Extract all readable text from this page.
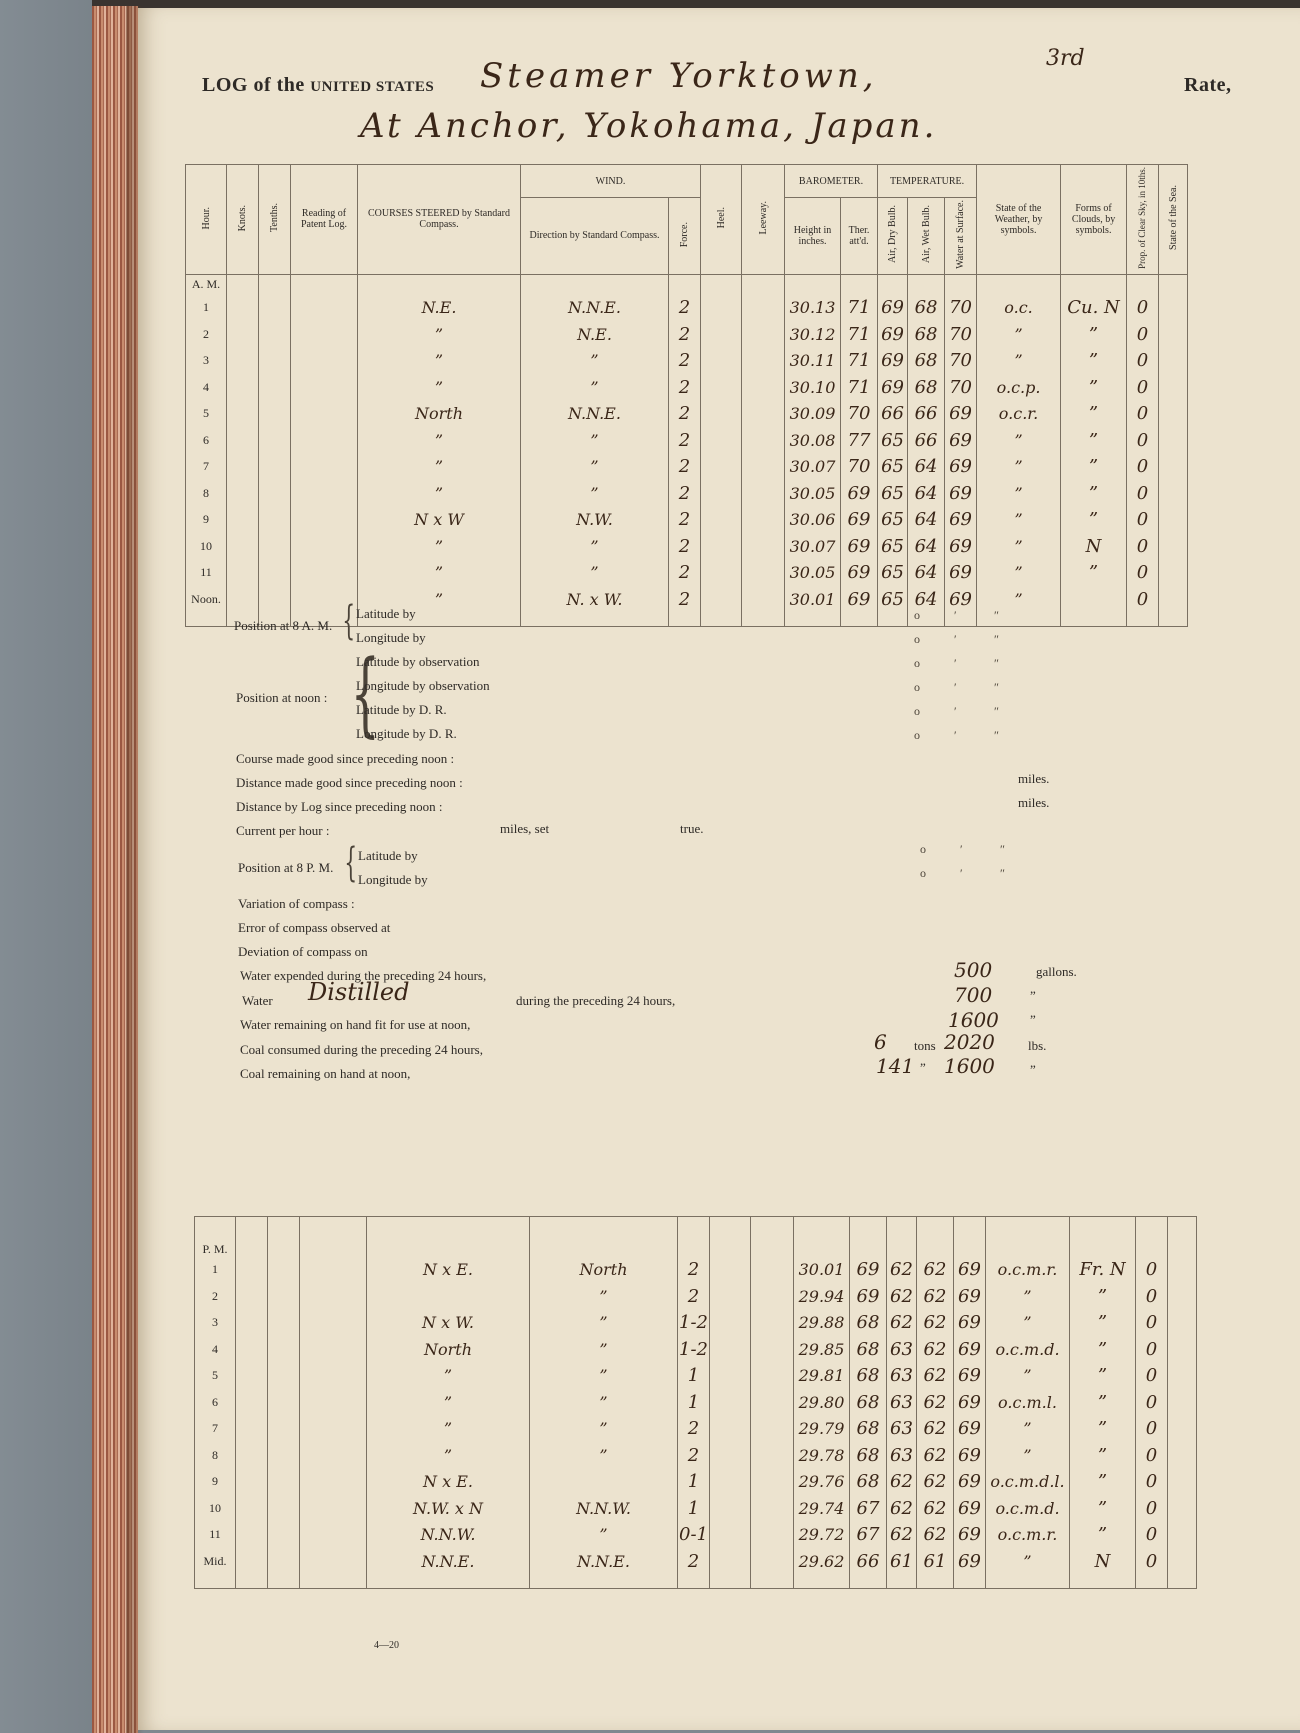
LOG of the UNITED STATES Steamer Yorktown,	3rd
Rate,
At Anchor, Yokohama, Japan.
Hour.	Knots.	Tenths.	Reading of Patent Log.	COURSES STEERED by Standard Compass.	WIND.		Heel.	Leeway.	BAROMETER.		TEMPERATURE.			State of the Weather, by symbols.	Forms of Clouds, by symbols.	Prop. of Clear Sky, in 10ths.	State of the Sea.
					Direction by Standard Compass.	Force.			Height in inches.	Ther. att'd.	Air, Dry Bulb.	Air, Wet Bulb.	Water at Surface.				
A. M.																	
1				N.E.	N.N.E.	2			30.13	71	69	68	70	o.c.	Cu. N	0	
2				”	N.E.	2			30.12	71	69	68	70	”	”	0	
3				”	”	2			30.11	71	69	68	70	”	”	0	
4				”	”	2			30.10	71	69	68	70	o.c.p.	”	0	
5				North	N.N.E.	2			30.09	70	66	66	69	o.c.r.	”	0	
6				”	”	2			30.08	77	65	66	69	”	”	0	
7				”	”	2			30.07	70	65	64	69	”	”	0	
8				”	”	2			30.05	69	65	64	69	”	”	0	
9				N x W	N.W.	2			30.06	69	65	64	69	”	”	0	
10				”	”	2			30.07	69	65	64	69	”	N	0	
11				”	”	2			30.05	69	65	64	69	”	”	0	
Noon.				”	N. x W.	2			30.01	69	65	64	69	”		0	

Position at 8 A. M. { Latitude by
Longitude by
Position at noon : {
Latitude by observation
Longitude by observation
Latitude by D. R.
Longitude by D. R.
o	′	″
o	′	″
o	′	″
o	′	″
o	′	″
o	′	″
o	′	″
o	′	″
Course made good since preceding noon :
Distance made good since preceding noon :	miles.
Distance by Log since preceding noon :	miles.
Current per hour :	miles, set	true.
Position at 8 P. M. { Latitude by
Longitude by
Variation of compass :
Error of compass observed at
Deviation of compass on
Water expended during the preceding 24 hours,	500	gallons.
Water Distilled	during the preceding 24 hours,	700	”
Water remaining on hand fit for use at noon,	1600 ”
Coal consumed during the preceding 24 hours,	6 tons 2020	lbs.
Coal remaining on hand at noon,	141 ” 1600	”
P. M.																	
1				N x E.	North	2			30.01	69	62	62	69	o.c.m.r.	Fr. N	0	
2					”	2			29.94	69	62	62	69	”	”	0	
3				N x W.	”	1-2			29.88	68	62	62	69	”	”	0	
4				North	”	1-2			29.85	68	63	62	69	o.c.m.d.	”	0	
5				”	”	1			29.81	68	63	62	69	”	”	0	
6				”	”	1			29.80	68	63	62	69	o.c.m.l.	”	0	
7				”	”	2			29.79	68	63	62	69	”	”	0	
8				”	”	2			29.78	68	63	62	69	”	”	0	
9				N x E.		1			29.76	68	62	62	69	o.c.m.d.l.	”	0	
10				N.W. x N	N.N.W.	1			29.74	67	62	62	69	o.c.m.d.	”	0	
11				N.N.W.	”	0-1			29.72	67	62	62	69	o.c.m.r.	”	0	
Mid.				N.N.E.	N.N.E.	2			29.62	66	61	61	69	”	N	0	

4—20
